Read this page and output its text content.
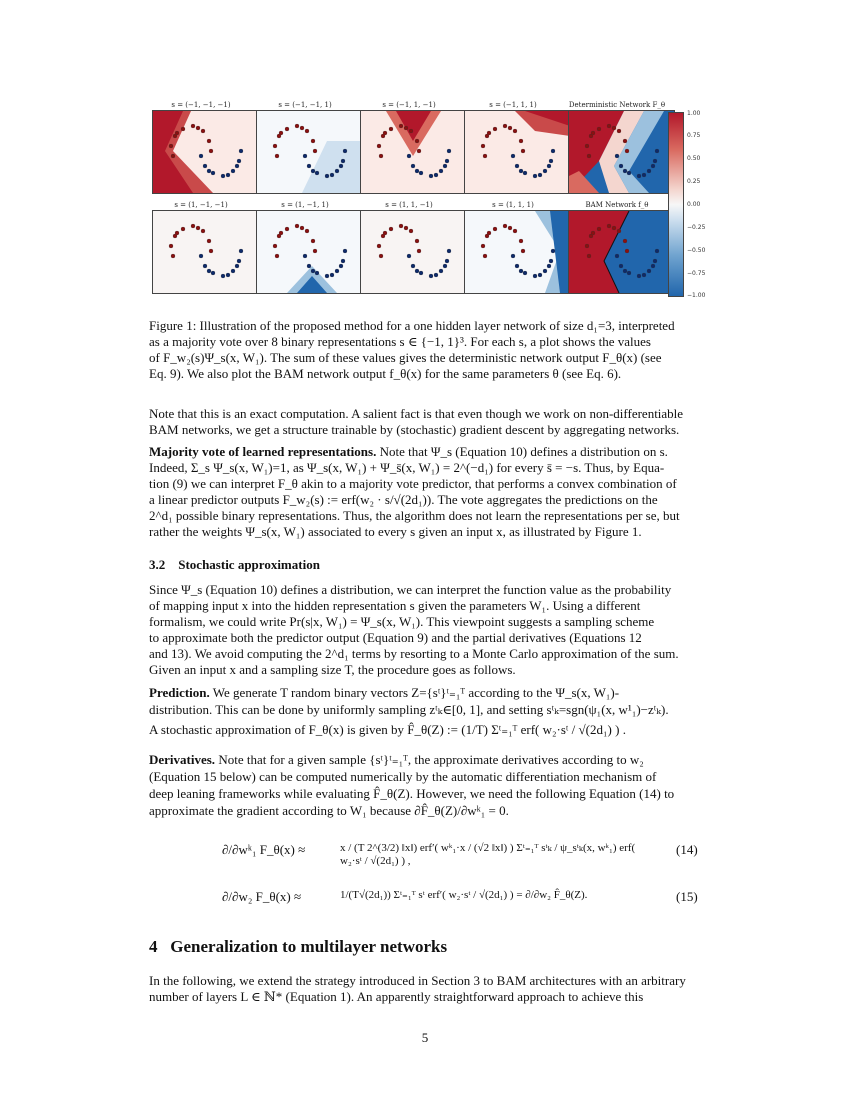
s = (−1, −1, −1)	s = (−1, −1, 1)	s = (−1, 1, −1)	s = (−1, 1, 1)	Deterministic Network F_θ
s = (1, −1, −1)	s = (1, −1, 1)	s = (1, 1, −1)	s = (1, 1, 1)	BAM Network f_θ
1.00
0.75
0.50
0.25
0.00
−0.25
−0.50
−0.75
−1.00
Figure 1: Illustration of the proposed method for a one hidden layer network of size d₁=3, interpreted
as a majority vote over 8 binary representations s ∈ {−1, 1}³. For each s, a plot shows the values
of F_w₂(s)Ψ_s(x, W₁). The sum of these values gives the deterministic network output F_θ(x) (see
Eq. 9). We also plot the BAM network output f_θ(x) for the same parameters θ (see Eq. 6).
Note that this is an exact computation. A salient fact is that even though we work on non-differentiable
BAM networks, we get a structure trainable by (stochastic) gradient descent by aggregating networks.
Majority vote of learned representations. Note that Ψ_s (Equation 10) defines a distribution on s.
Indeed, Σ_s Ψ_s(x, W₁)=1, as Ψ_s(x, W₁) + Ψ_s̄(x, W₁) = 2^(−d₁) for every s̄ = −s. Thus, by Equa-
tion (9) we can interpret F_θ akin to a majority vote predictor, that performs a convex combination of
a linear predictor outputs F_w₂(s) := erf(w₂ · s/√(2d₁)). The vote aggregates the predictions on the
2^d₁ possible binary representations. Thus, the algorithm does not learn the representations per se, but
rather the weights Ψ_s(x, W₁) associated to every s given an input x, as illustrated by Figure 1.
3.2 Stochastic approximation
Since Ψ_s (Equation 10) defines a distribution, we can interpret the function value as the probability
of mapping input x into the hidden representation s given the parameters W₁. Using a different
formalism, we could write Pr(s|x, W₁) = Ψ_s(x, W₁). This viewpoint suggests a sampling scheme
to approximate both the predictor output (Equation 9) and the partial derivatives (Equations 12
and 13). We avoid computing the 2^d₁ terms by resorting to a Monte Carlo approximation of the sum.
Given an input x and a sampling size T, the procedure goes as follows.
Prediction. We generate T random binary vectors Z={sᵗ}ᵗ₌₁ᵀ according to the Ψ_s(x, W₁)-
distribution. This can be done by uniformly sampling zᵗₖ∈[0, 1], and setting sᵗₖ=sgn(ψ₁(x, w¹₁)−zᵗₖ).
A stochastic approximation of F_θ(x) is given by F̂_θ(Z) := (1/T) Σᵗ₌₁ᵀ erf( w₂·sᵗ / √(2d₁) ) .
Derivatives. Note that for a given sample {sᵗ}ᵗ₌₁ᵀ, the approximate derivatives according to w₂
(Equation 15 below) can be computed numerically by the automatic differentiation mechanism of
deep leaning frameworks while evaluating F̂_θ(Z). However, we need the following Equation (14) to
approximate the gradient according to W₁ because ∂F̂_θ(Z)/∂wᵏ₁ = 0.
∂/∂wᵏ₁ F_θ(x) ≈	x / (T 2^(3/2) ‖x‖) erf′( wᵏ₁·x / (√2 ‖x‖) ) Σᵗ₌₁ᵀ sᵗₖ / ψ_sᵗₖ(x, wᵏ₁) erf( w₂·sᵗ / √(2d₁) ) ,
(14)
∂/∂w₂ F_θ(x) ≈	1/(T√(2d₁)) Σᵗ₌₁ᵀ sᵗ erf′( w₂·sᵗ / √(2d₁) ) = ∂/∂w₂ F̂_θ(Z).	(15)
4 Generalization to multilayer networks
In the following, we extend the strategy introduced in Section 3 to BAM architectures with an arbitrary
number of layers L ∈ ℕ* (Equation 1). An apparently straightforward approach to achieve this
5
